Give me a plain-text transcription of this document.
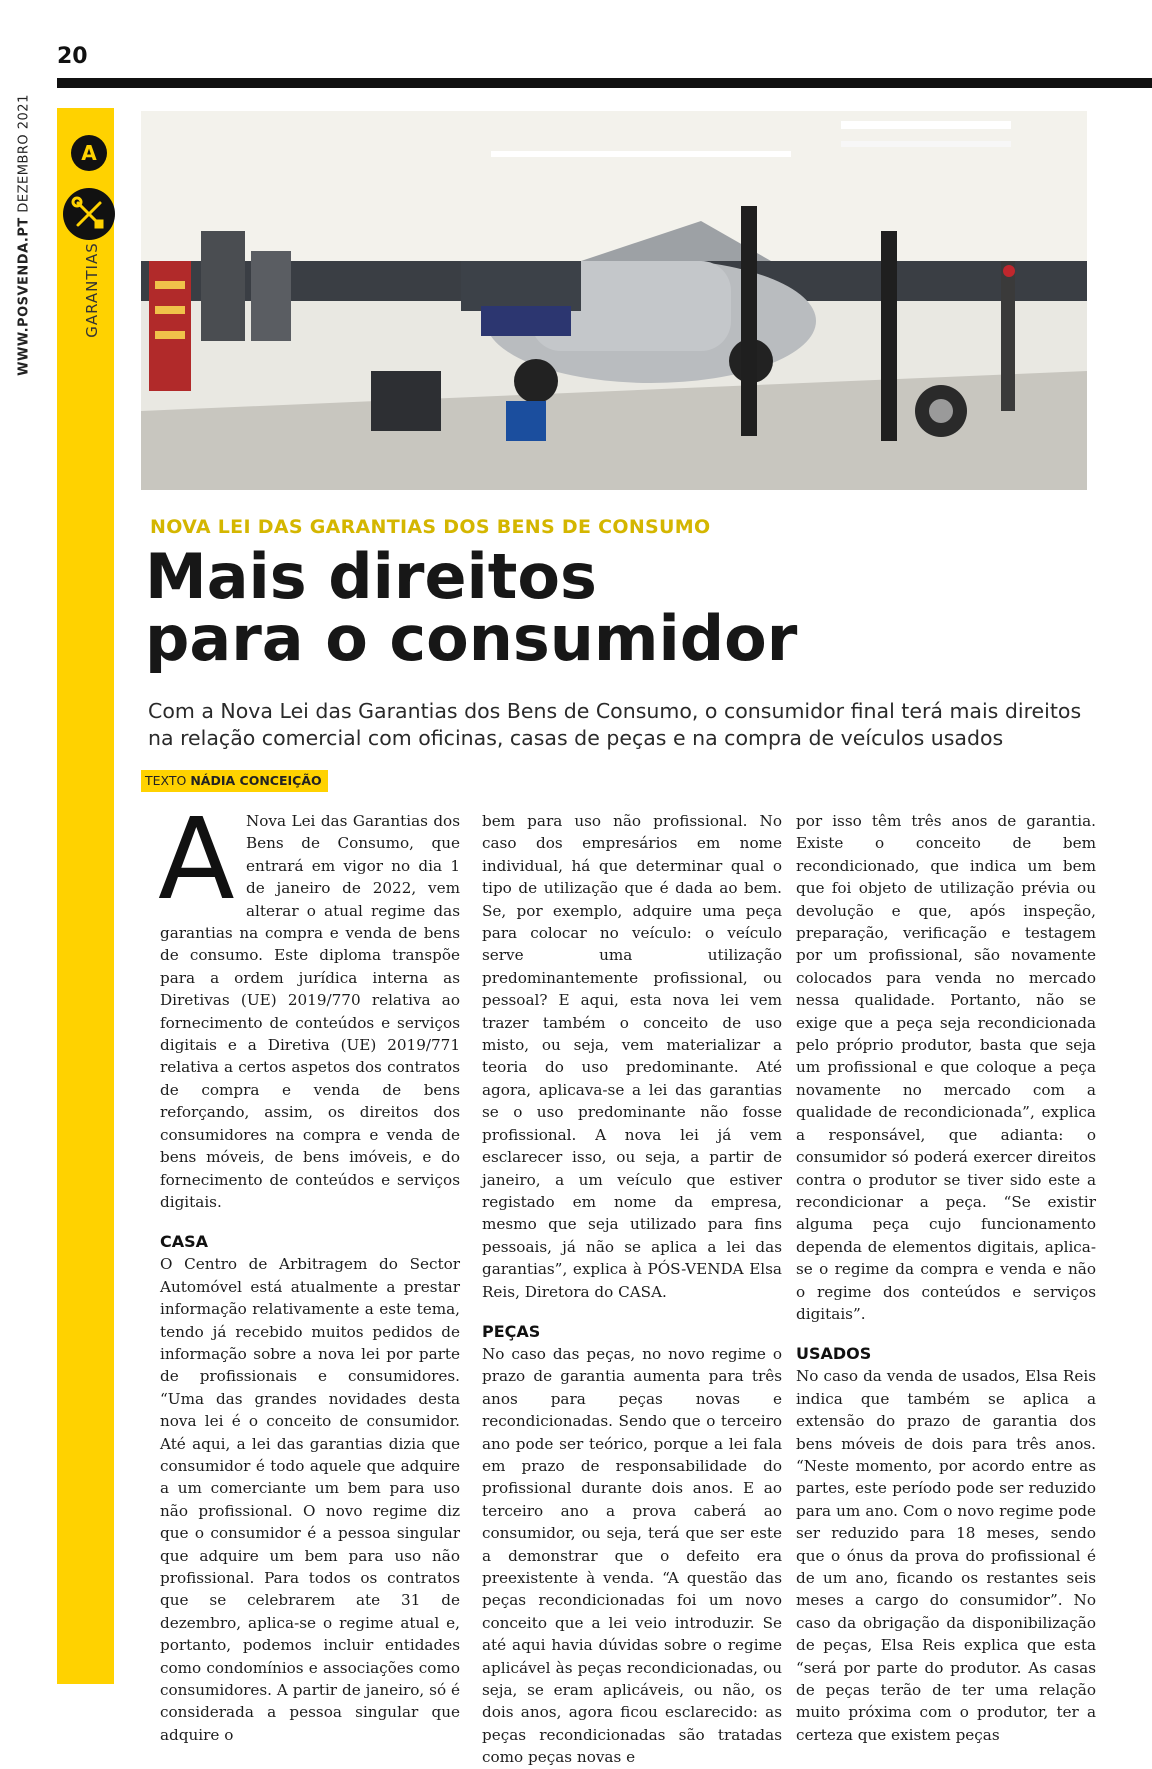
20
WWW.POSVENDA.PT DEZEMBRO 2021	A
GARANTIAS
NOVA LEI DAS GARANTIAS DOS BENS DE CONSUMO
Mais direitos
para o consumidor
Com a Nova Lei das Garantias dos Bens de Consumo, o consumidor final terá mais direitos na relação comercial com oficinas, casas de peças e na compra de veículos usados
TEXTO NÁDIA CONCEIÇÃO
A Nova Lei das Garantias dos Bens de Consumo, que entrará em vigor no dia 1 de janeiro de 2022, vem alterar o atual regime das garantias na compra e venda de bens de consumo. Este diploma transpõe para a ordem jurídica interna as Diretivas (UE) 2019/770 relativa ao fornecimento de conteúdos e serviços digitais e a Diretiva (UE) 2019/771 relativa a certos aspetos dos contratos de compra e venda de bens reforçando, assim, os direitos dos consumidores na compra e venda de bens móveis, de bens imóveis, e do fornecimento de conteúdos e serviços digitais.

CASA

O Centro de Arbitragem do Sector Automóvel está atualmente a prestar informação relativamente a este tema, tendo já recebido muitos pedidos de informação sobre a nova lei por parte de profissionais e consumidores. “Uma das grandes novidades desta nova lei é o conceito de consumidor. Até aqui, a lei das garantias dizia que consumidor é todo aquele que adquire a um comerciante um bem para uso não profissional. O novo regime diz que o consumidor é a pessoa singular que adquire um bem para uso não profissional. Para todos os contratos que se celebrarem ate 31 de dezembro, aplica-se o regime atual e, portanto, podemos incluir entidades como condomínios e associações como consumidores. A partir de janeiro, só é considerada a pessoa singular que adquire o

bem para uso não profissional. No caso dos empresários em nome individual, há que determinar qual o tipo de utilização que é dada ao bem. Se, por exemplo, adquire uma peça para colocar no veículo: o veículo serve uma utilização predominantemente profissional, ou pessoal? E aqui, esta nova lei vem trazer também o conceito de uso misto, ou seja, vem materializar a teoria do uso predominante. Até agora, aplicava-se a lei das garantias se o uso predominante não fosse profissional. A nova lei já vem esclarecer isso, ou seja, a partir de janeiro, a um veículo que estiver registado em nome da empresa, mesmo que seja utilizado para fins pessoais, já não se aplica a lei das garantias”, explica à PÓS-VENDA Elsa Reis, Diretora do CASA.

PEÇAS

No caso das peças, no novo regime o prazo de garantia aumenta para três anos para peças novas e recondicionadas. Sendo que o terceiro ano pode ser teórico, porque a lei fala em prazo de responsabilidade do profissional durante dois anos. E ao terceiro ano a prova caberá ao consumidor, ou seja, terá que ser este a demonstrar que o defeito era preexistente à venda. “A questão das peças recondicionadas foi um novo conceito que a lei veio introduzir. Se até aqui havia dúvidas sobre o regime aplicável às peças recondicionadas, ou seja, se eram aplicáveis, ou não, os dois anos, agora ficou esclarecido: as peças recondicionadas são tratadas como peças novas e

por isso têm três anos de garantia. Existe o conceito de bem recondicionado, que indica um bem que foi objeto de utilização prévia ou devolução e que, após inspeção, preparação, verificação e testagem por um profissional, são novamente colocados para venda no mercado nessa qualidade. Portanto, não se exige que a peça seja recondicionada pelo próprio produtor, basta que seja um profissional e que coloque a peça novamente no mercado com a qualidade de recondicionada”, explica a responsável, que adianta: o consumidor só poderá exercer direitos contra o produtor se tiver sido este a recondicionar a peça. “Se existir alguma peça cujo funcionamento dependa de elementos digitais, aplica-se o regime da compra e venda e não o regime dos conteúdos e serviços digitais”.

USADOS

No caso da venda de usados, Elsa Reis indica que também se aplica a extensão do prazo de garantia dos bens móveis de dois para três anos. “Neste momento, por acordo entre as partes, este período pode ser reduzido para um ano. Com o novo regime pode ser reduzido para 18 meses, sendo que o ónus da prova do profissional é de um ano, ficando os restantes seis meses a cargo do consumidor”. No caso da obrigação da disponibilização de peças, Elsa Reis explica que esta “será por parte do produtor. As casas de peças terão de ter uma relação muito próxima com o produtor, ter a certeza que existem peças
